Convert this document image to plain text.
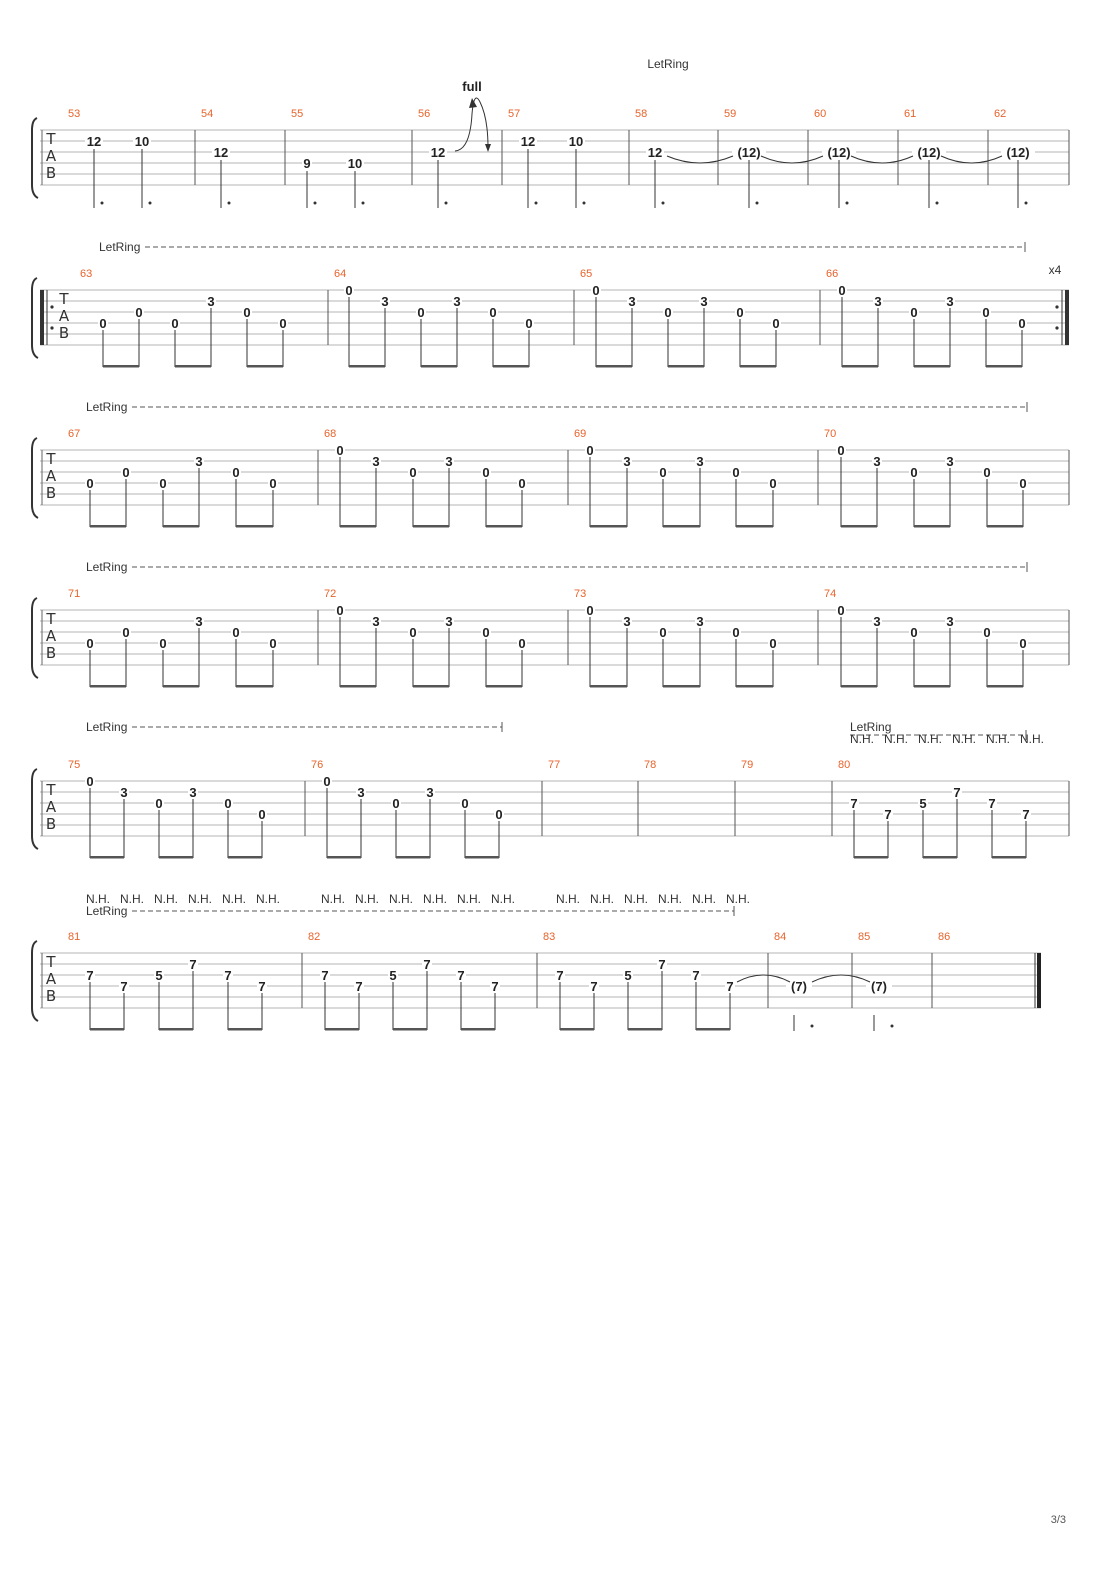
T
A
B
53
12	10
54
12
55
9	10
56
12
57
12	10
58
12
59
(12)
60
(12)
61
(12)
62
(12)
T
A
B
x4
63
0
0
0
3
0
0
64
0
3
0
3
0
0
65
0
3
0
3
0
0
66
0
3
0
3
0
0
T
A
B
67
0
0
0
3
0
0
68
0
3
0
3
0
0
69
0
3
0
3
0
0
70
0
3
0
3
0
0
T
A
B
71
0
0
0
3
0
0
72
0
3
0
3
0
0
73
0
3
0
3
0
0
74
0
3
0
3
0
0
T
A
B
75
0
3
0
3
0
0
76
0
3
0
3
0
0
77	78	79	80
7
7
5
7
7
7
T
A
B
81
7
7
5
7
7
7
82
7
7
5
7
7
7
83
7
7
5
7
7
7
84
(7)
85
(7)
86
full
LetRing
LetRing
LetRing
LetRing
LetRing
LetRing
LetRing
N.H. N.H. N.H. N.H. N.H. N.H.
N.H. N.H. N.H. N.H. N.H. N.H.	N.H. N.H. N.H. N.H. N.H. N.H.	N.H. N.H. N.H. N.H. N.H. N.H.
3/3
